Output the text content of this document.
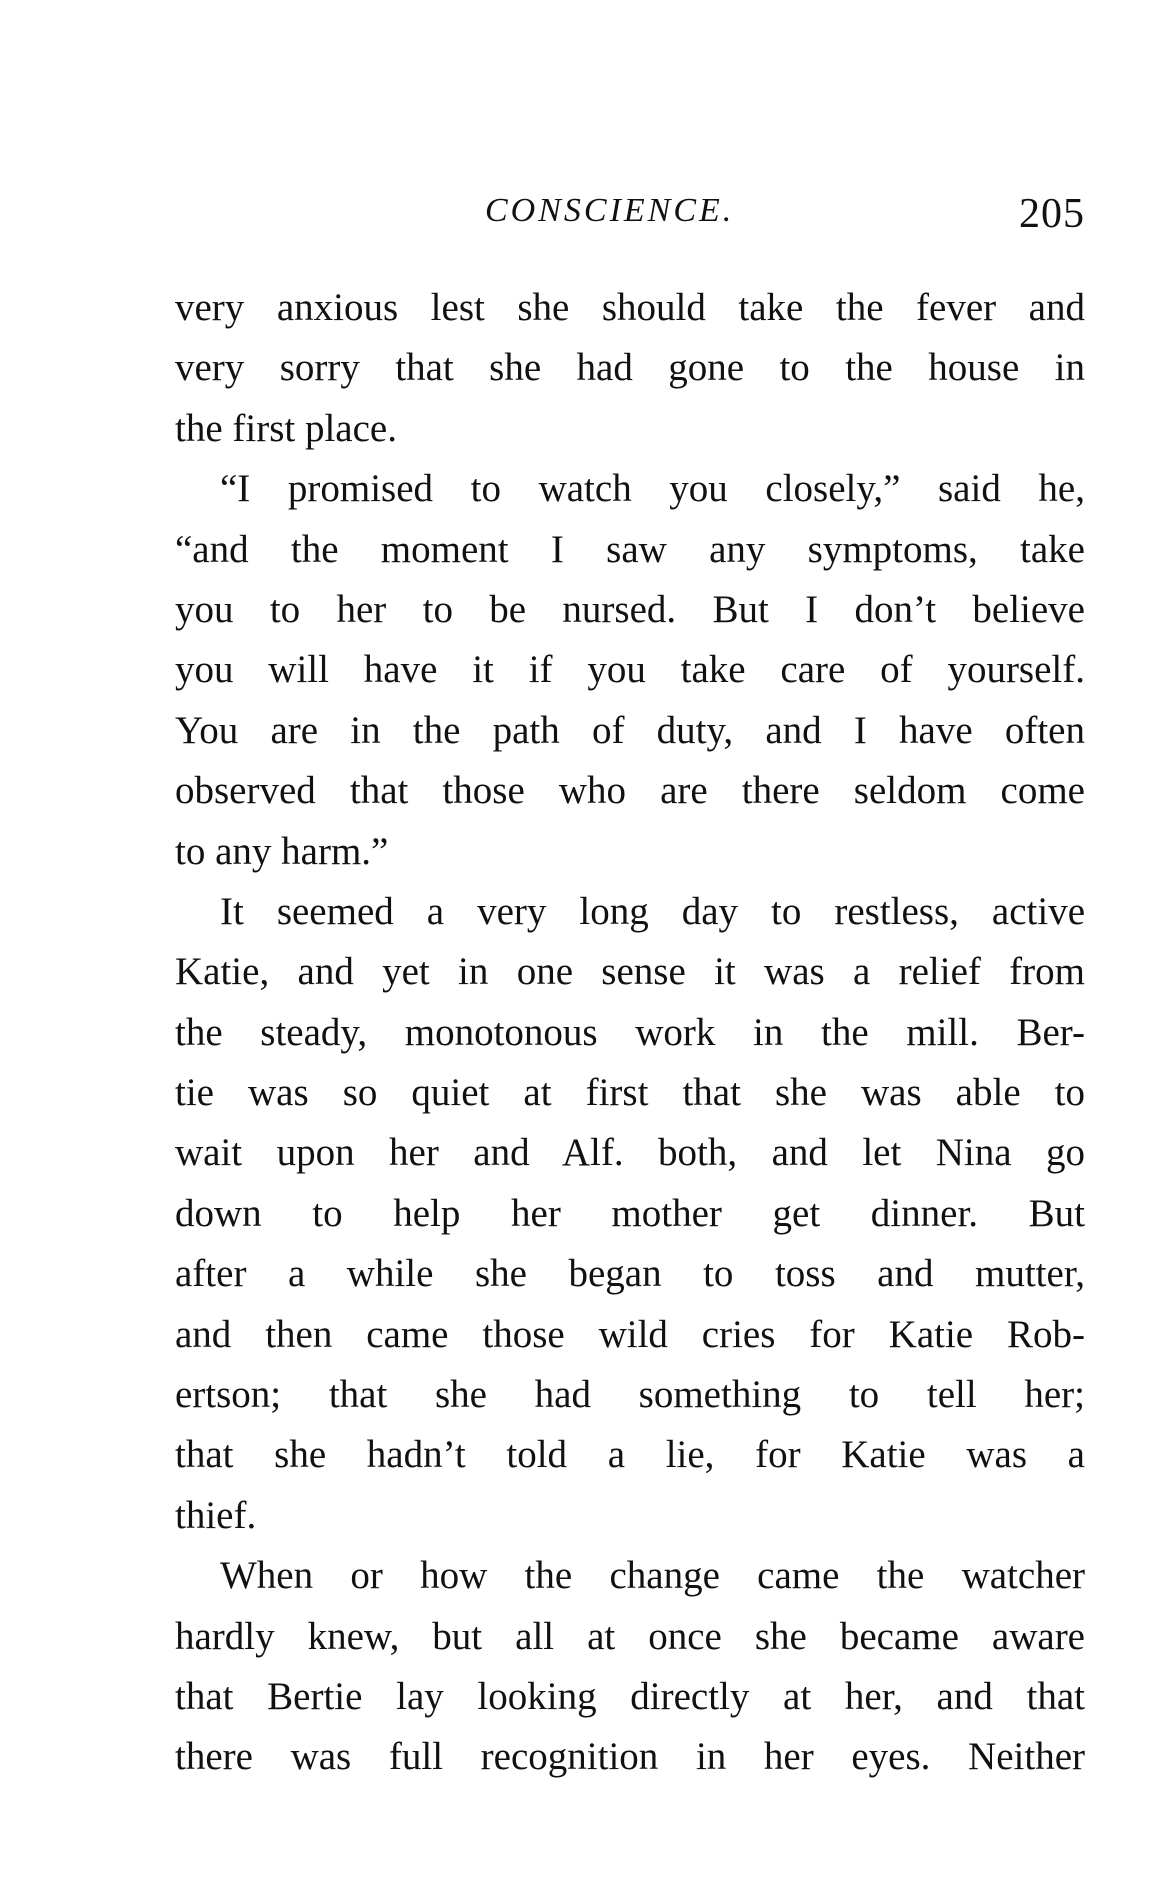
CONSCIENCE.	205
very anxious lest she should take the fever and
very sorry that she had gone to the house in
the first place.
“I promised to watch you closely,” said he,
“and the moment I saw any symptoms, take
you to her to be nursed. But I don’t believe
you will have it if you take care of yourself.
You are in the path of duty, and I have often
observed that those who are there seldom come
to any harm.”
It seemed a very long day to restless, active
Katie, and yet in one sense it was a relief from
the steady, monotonous work in the mill. Ber-
tie was so quiet at first that she was able to
wait upon her and Alf. both, and let Nina go
down to help her mother get dinner. But
after a while she began to toss and mutter,
and then came those wild cries for Katie Rob-
ertson; that she had something to tell her;
that she hadn’t told a lie, for Katie was a
thief.
When or how the change came the watcher
hardly knew, but all at once she became aware
that Bertie lay looking directly at her, and that
there was full recognition in her eyes. Neither
